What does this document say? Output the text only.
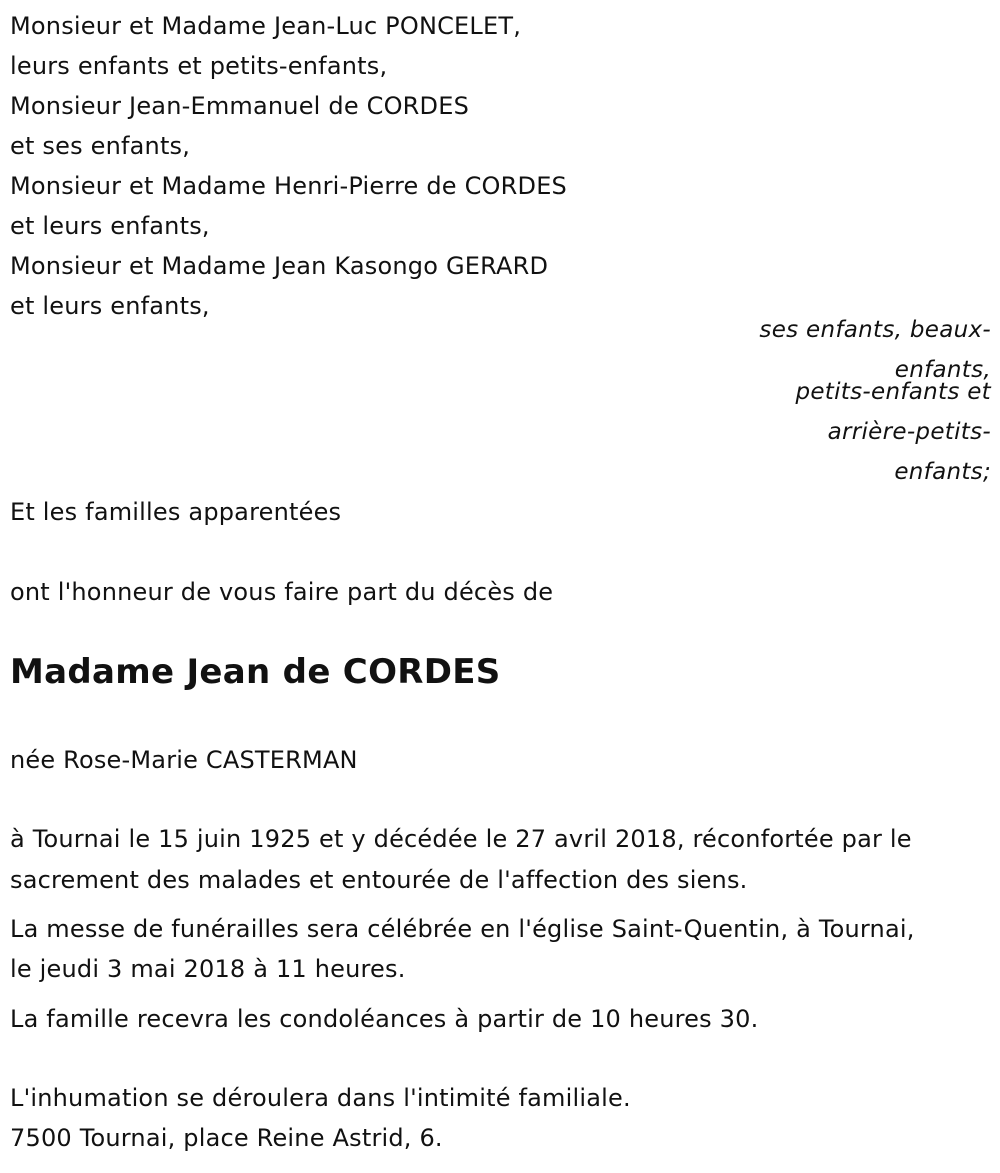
Monsieur et Madame Jean-Luc PONCELET,
leurs enfants et petits-enfants,
Monsieur Jean-Emmanuel de CORDES
et ses enfants,
Monsieur et Madame Henri-Pierre de CORDES
et leurs enfants,
Monsieur et Madame Jean Kasongo GERARD
et leurs enfants,
ses enfants, beaux-
enfants,
petits-enfants et
arrière-petits-
enfants;
Et les familles apparentées
ont l'honneur de vous faire part du décès de
Madame Jean de CORDES
née Rose-Marie CASTERMAN
à Tournai le 15 juin 1925 et y décédée le 27 avril 2018, réconfortée par le
sacrement des malades et entourée de l'affection des siens.
La messe de funérailles sera célébrée en l'église Saint-Quentin, à Tournai,
le jeudi 3 mai 2018 à 11 heures.
La famille recevra les condoléances à partir de 10 heures 30.
L'inhumation se déroulera dans l'intimité familiale.
7500 Tournai, place Reine Astrid, 6.
